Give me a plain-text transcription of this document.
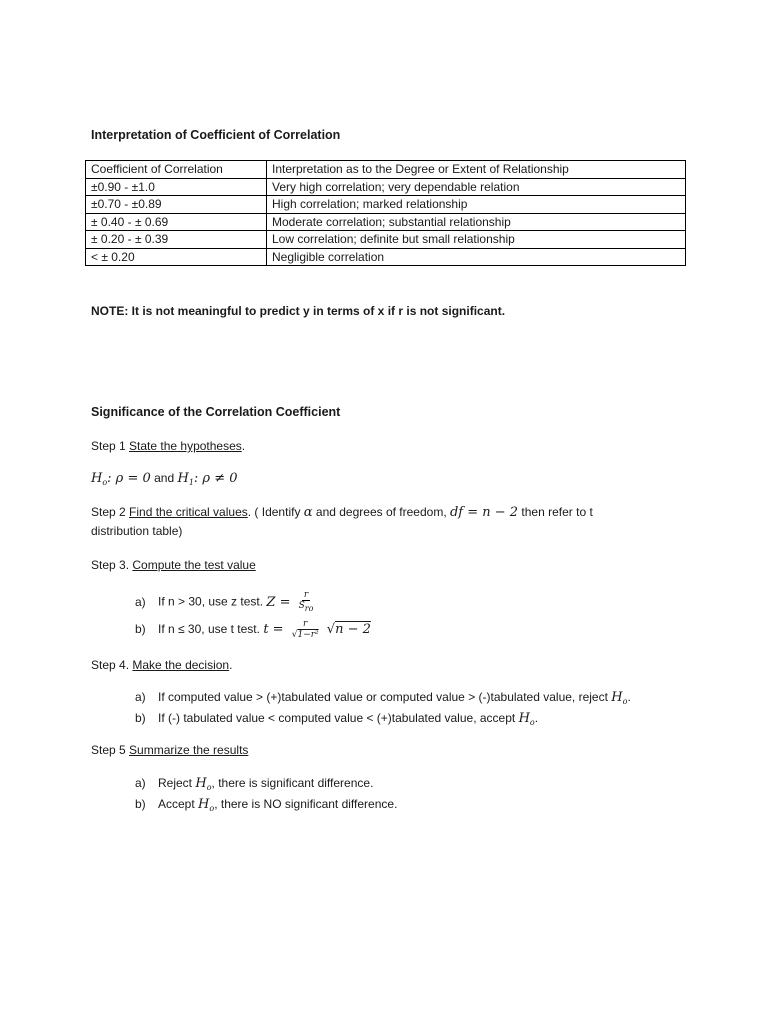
Interpretation of Coefficient of Correlation
Coefficient of Correlation	Interpretation as to the Degree or Extent of Relationship
±0.90 - ±1.0	Very high correlation; very dependable relation
±0.70 - ±0.89	High correlation; marked relationship
± 0.40 - ± 0.69	Moderate correlation; substantial relationship
± 0.20 - ± 0.39	Low correlation; definite but small relationship
< ± 0.20	Negligible correlation
NOTE: It is not meaningful to predict y in terms of x if r is not significant.
Significance of the Correlation Coefficient
Step 1 State the hypotheses.
$H_o$: ρ = 0 and $H_1$: ρ ≠ 0
Step 2 Find the critical values. ( Identify α and degrees of freedom, df = n − 2 then refer to t
distribution table)
Step 3. Compute the test value
a) If n > 30, use z test. $Z = \frac{r}{S_{ro}}$
b) If n ≤ 30, use t test. $t = \frac{r}{\text{√1−r²}} √n - 2$
Step 4. Make the decision.
a) If computed value > (+)tabulated value or computed value > (-)tabulated value, reject $H_o$.
b) If (-) tabulated value < computed value < (+)tabulated value, accept $H_o$.
Step 5 Summarize the results
a) Reject $H_o$, there is significant difference.
b) Accept $H_o$, there is NO significant difference.
